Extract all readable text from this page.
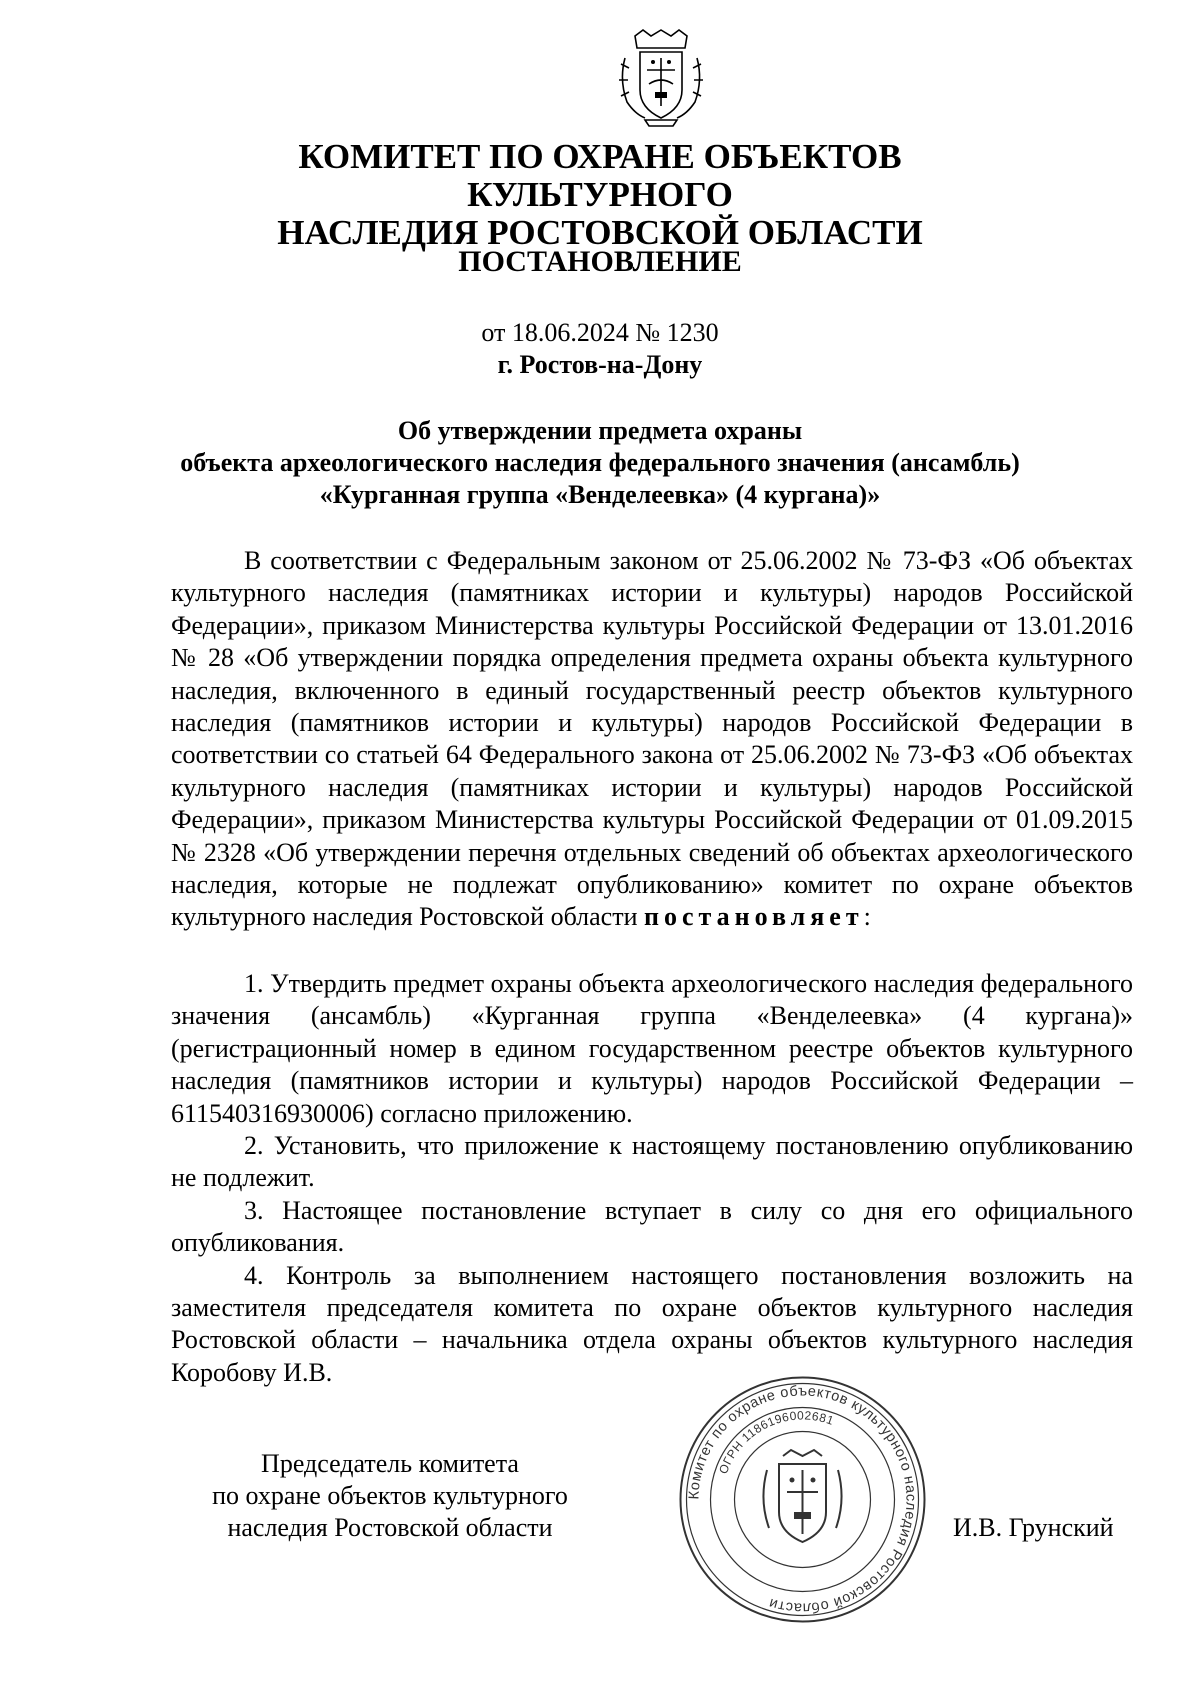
КОМИТЕТ ПО ОХРАНЕ ОБЪЕКТОВ КУЛЬТУРНОГО
НАСЛЕДИЯ РОСТОВСКОЙ ОБЛАСТИ
ПОСТАНОВЛЕНИЕ
от 18.06.2024 № 1230
г. Ростов-на-Дону
Об утверждении предмета охраны
объекта археологического наследия федерального значения (ансамбль)
«Курганная группа «Венделеевка» (4 кургана)»

В соответствии с Федеральным законом от 25.06.2002 № 73-ФЗ «Об объектах культурного наследия (памятниках истории и культуры) народов Российской Федерации», приказом Министерства культуры Российской Федерации от 13.01.2016 № 28 «Об утверждении порядка определения предмета охраны объекта культурного наследия, включенного в единый государственный реестр объектов культурного наследия (памятников истории и культуры) народов Российской Федерации в соответствии со статьей 64 Федерального закона от 25.06.2002 № 73-ФЗ «Об объектах культурного наследия (памятниках истории и культуры) народов Российской Федерации», приказом Министерства культуры Российской Федерации от 01.09.2015 № 2328 «Об утверждении перечня отдельных сведений об объектах археологического наследия, которые не подлежат опубликованию» комитет по охране объектов культурного наследия Ростовской области постановляет:

1. Утвердить предмет охраны объекта археологического наследия федерального значения (ансамбль) «Курганная группа «Венделеевка» (4 кургана)» (регистрационный номер в едином государственном реестре объектов культурного наследия (памятников истории и культуры) народов Российской Федерации – 611540316930006) согласно приложению.

2. Установить, что приложение к настоящему постановлению опубликованию не подлежит.

3. Настоящее постановление вступает в силу со дня его официального опубликования.

4. Контроль за выполнением настоящего постановления возложить на заместителя председателя комитета по охране объектов культурного наследия Ростовской области – начальника отдела охраны объектов культурного наследия Коробову И.В.

Председатель комитета
по охране объектов культурного
наследия Ростовской области
Комитет по охране объектов культурного наследия Ростовской области
ОГРН 1186196002681
И.В. Грунский
